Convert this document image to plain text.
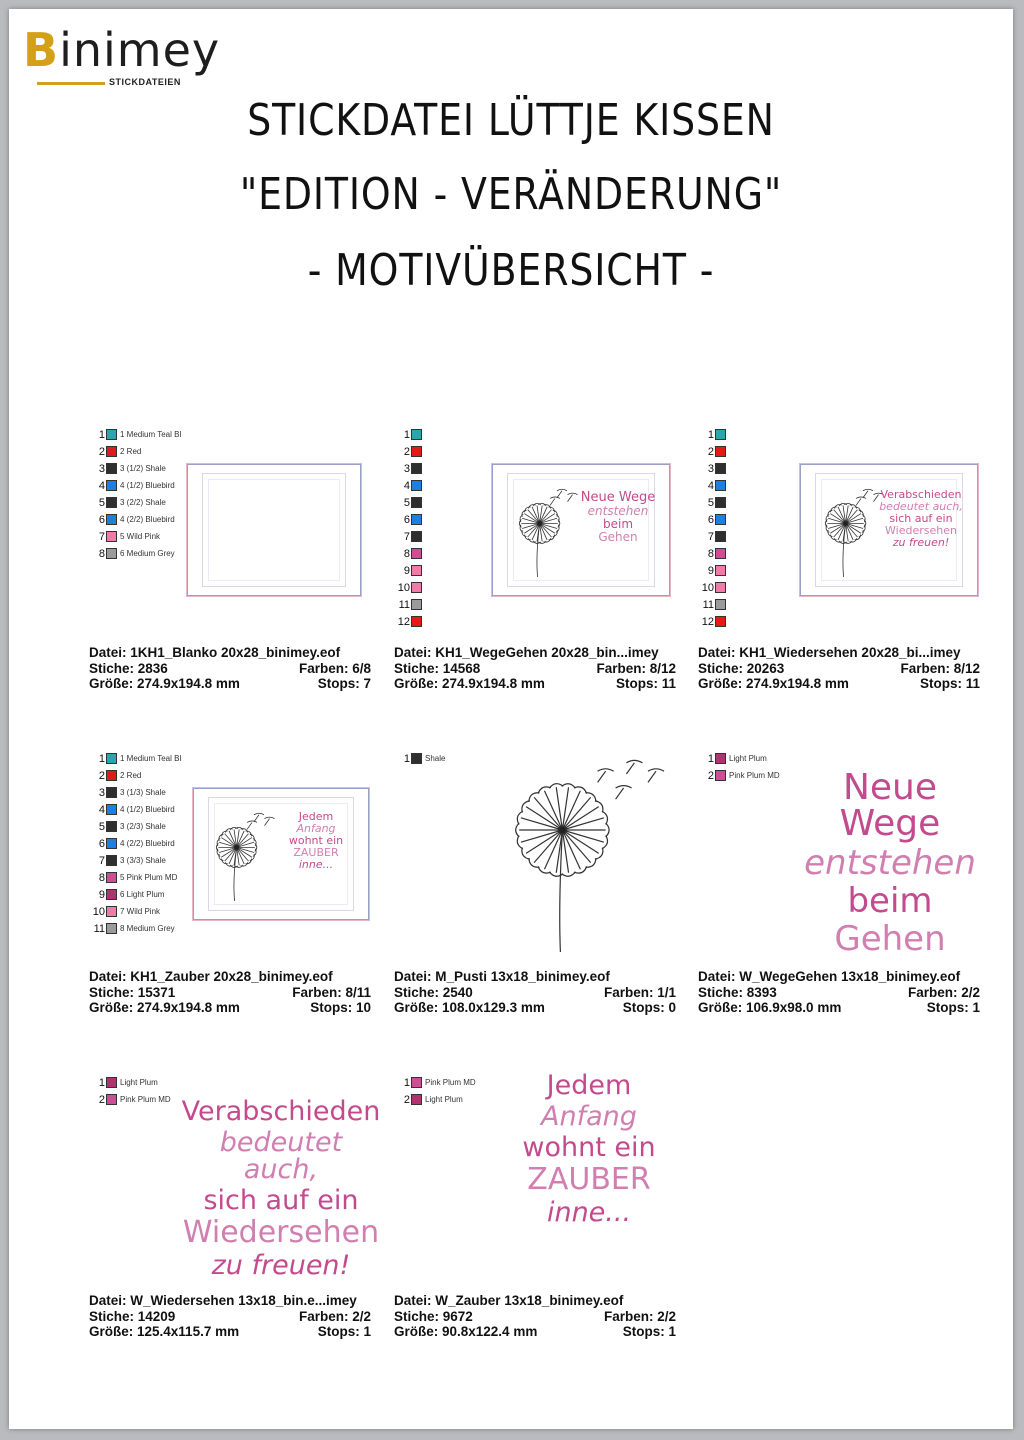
Binimey
STICKDATEIEN
STICKDATEI LÜTTJE KISSEN
"EDITION - VERÄNDERUNG"
- MOTIVÜBERSICHT -
1 1 Medium Teal Bl
2 2 Red
3 3 (1/2) Shale
4 4 (1/2) Bluebird
5 3 (2/2) Shale
6 4 (2/2) Bluebird
7 5 Wild Pink
8 6 Medium Grey
Datei: 1KH1_Blanko 20x28_binimey.eof
Stiche: 2836	Farben: 6/8
Größe: 274.9x194.8 mm	Stops: 7
1
2
3
4
5
6
7
8
9
10
11
12
Neue Wege
entstehen
beim
Gehen
Datei: KH1_WegeGehen 20x28_bin...imey
Stiche: 14568	Farben: 8/12
Größe: 274.9x194.8 mm	Stops: 11
1
2
3
4
5
6
7
8
9
10
11
12
Verabschieden
bedeutet auch,
sich auf ein
Wiedersehen
zu freuen!
Datei: KH1_Wiedersehen 20x28_bi...imey
Stiche: 20263	Farben: 8/12
Größe: 274.9x194.8 mm	Stops: 11
1 1 Medium Teal Bl
2 2 Red
3 3 (1/3) Shale
4 4 (1/2) Bluebird
5 3 (2/3) Shale
6 4 (2/2) Bluebird
7 3 (3/3) Shale
8 5 Pink Plum MD
9 6 Light Plum
10 7 Wild Pink
11 8 Medium Grey
Jedem
Anfang
wohnt ein
ZAUBER
inne...
Datei: KH1_Zauber 20x28_binimey.eof
Stiche: 15371	Farben: 8/11
Größe: 274.9x194.8 mm	Stops: 10
1 Shale
Datei: M_Pusti 13x18_binimey.eof
Stiche: 2540	Farben: 1/1
Größe: 108.0x129.3 mm	Stops: 0
1 Light Plum
2 Pink Plum MD	Neue Wege
entstehen
beim
Gehen
Datei: W_WegeGehen 13x18_binimey.eof
Stiche: 8393	Farben: 2/2
Größe: 106.9x98.0 mm	Stops: 1
1 Light Plum
2 Pink Plum MD Verabschieden
bedeutet auch,
sich auf ein
Wiedersehen
zu freuen!
Datei: W_Wiedersehen 13x18_bin.e...imey
Stiche: 14209	Farben: 2/2
Größe: 125.4x115.7 mm	Stops: 1
1 Pink Plum MD
2 Light Plum	Jedem
Anfang
wohnt ein
ZAUBER
inne...
Datei: W_Zauber 13x18_binimey.eof
Stiche: 9672	Farben: 2/2
Größe: 90.8x122.4 mm	Stops: 1
